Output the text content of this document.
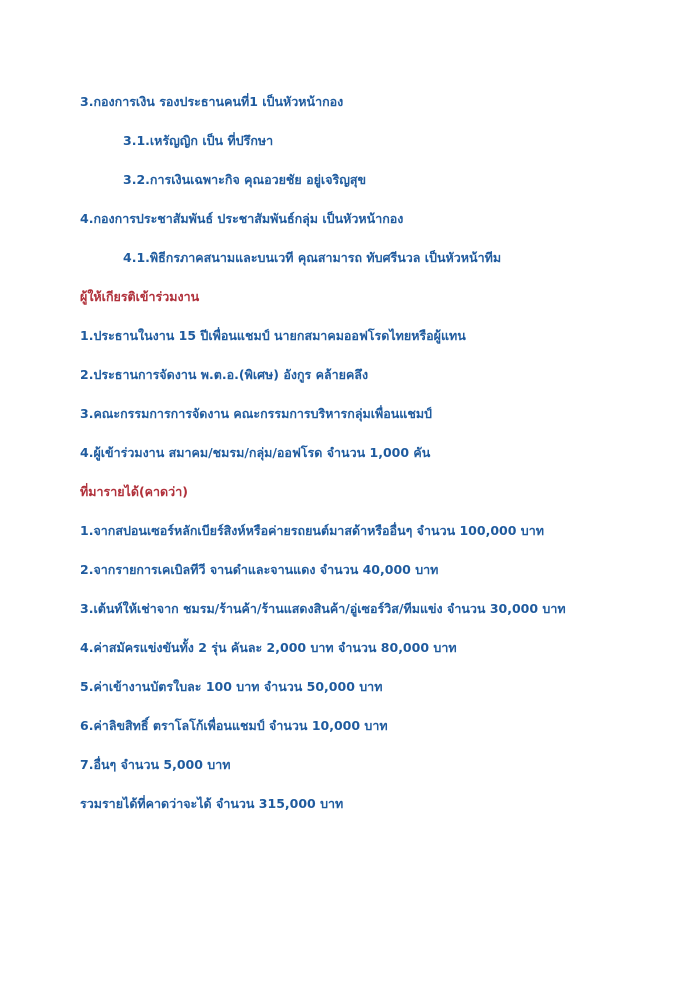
3.กองการเงิน รองประธานคนที่1 เป็นหัวหน้ากอง
3.1.เหรัญญิก เป็น ที่ปรึกษา
3.2.การเงินเฉพาะกิจ คุณอวยชัย อยู่เจริญสุข
4.กองการประชาสัมพันธ์ ประชาสัมพันธ์กลุ่ม เป็นหัวหน้ากอง
4.1.พิธีกรภาคสนามและบนเวที คุณสามารถ ทับศรีนวล เป็นหัวหน้าทีม
ผู้ให้เกียรติเข้าร่วมงาน
1.ประธานในงาน 15 ปีเพื่อนแชมป์ นายกสมาคมออฟโรดไทยหรือผู้แทน
2.ประธานการจัดงาน พ.ต.อ.(พิเศษ) อังกูร คล้ายคลึง
3.คณะกรรมการการจัดงาน คณะกรรมการบริหารกลุ่มเพื่อนแชมป์
4.ผู้เข้าร่วมงาน สมาคม/ชมรม/กลุ่ม/ออฟโรด จำนวน 1,000 คัน
ที่มารายได้(คาดว่า)
1.จากสปอนเซอร์หลักเบียร์สิงห์หรือค่ายรถยนต์มาสด้าหรืออื่นๆ จำนวน 100,000 บาท
2.จากรายการเคเบิลทีวี จานดำและจานแดง จำนวน 40,000 บาท
3.เต้นท์ให้เช่าจาก ชมรม/ร้านค้า/ร้านแสดงสินค้า/อู่เซอร์วิส/ทีมแข่ง จำนวน 30,000 บาท
4.ค่าสมัครแข่งขันทั้ง 2 รุ่น คันละ 2,000 บาท จำนวน 80,000 บาท
5.ค่าเข้างานบัตรใบละ 100 บาท จำนวน 50,000 บาท
6.ค่าลิขสิทธิ์ ตราโลโก้เพื่อนแชมป์ จำนวน 10,000 บาท
7.อื่นๆ จำนวน 5,000 บาท
รวมรายได้ที่คาดว่าจะได้ จำนวน 315,000 บาท
